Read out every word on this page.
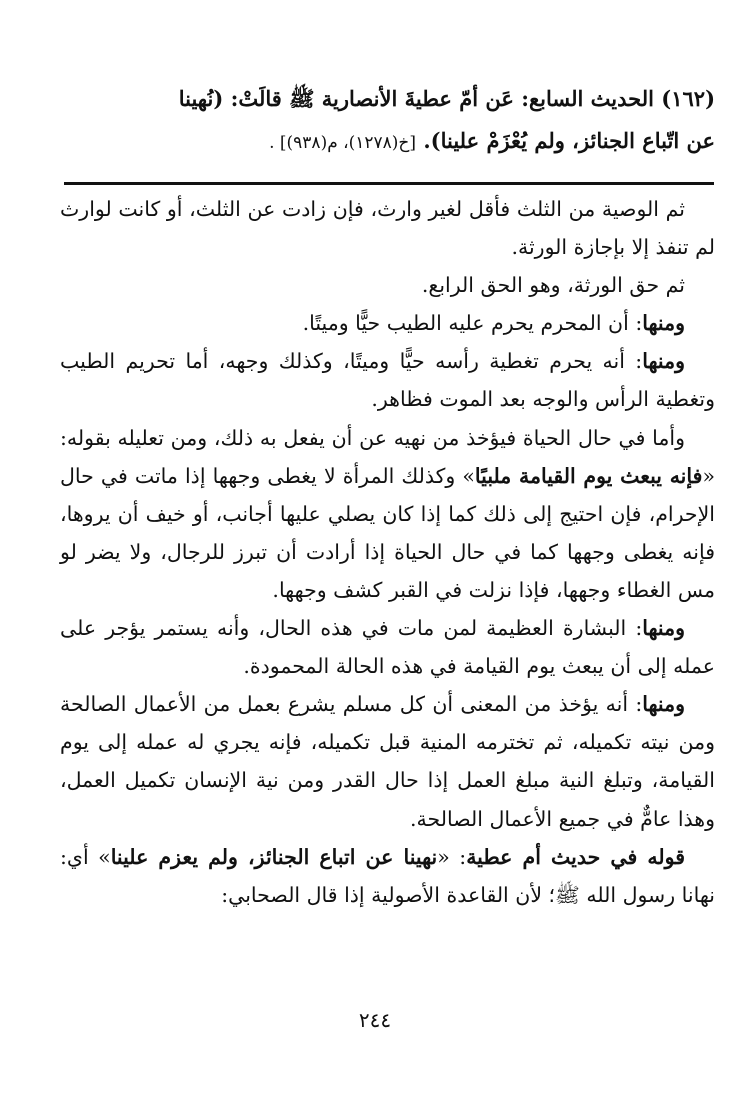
(١٦٢) الحديث السابع: عَن أمّ عطيةَ الأنصارية ﷺ قالَتْ: (نُهينا
عن اتّباع الجنائز، ولم يُعْزَمْ علينا). [خ(١٢٧٨)، م(٩٣٨)] .

ثم الوصية من الثلث فأقل لغير وارث، فإن زادت عن الثلث، أو كانت لوارث لم تنفذ إلا بإجازة الورثة.

ثم حق الورثة، وهو الحق الرابع.

ومنها: أن المحرم يحرم عليه الطيب حيًّا وميتًا.

ومنها: أنه يحرم تغطية رأسه حيًّا وميتًا، وكذلك وجهه، أما تحريم الطيب وتغطية الرأس والوجه بعد الموت فظاهر.

وأما في حال الحياة فيؤخذ من نهيه عن أن يفعل به ذلك، ومن تعليله بقوله: «فإنه يبعث يوم القيامة ملبيًا» وكذلك المرأة لا يغطى وجهها إذا ماتت في حال الإحرام، فإن احتيج إلى ذلك كما إذا كان يصلي عليها أجانب، أو خيف أن يروها، فإنه يغطى وجهها كما في حال الحياة إذا أرادت أن تبرز للرجال، ولا يضر لو مس الغطاء وجهها، فإذا نزلت في القبر كشف وجهها.

ومنها: البشارة العظيمة لمن مات في هذه الحال، وأنه يستمر يؤجر على عمله إلى أن يبعث يوم القيامة في هذه الحالة المحمودة.

ومنها: أنه يؤخذ من المعنى أن كل مسلم يشرع بعمل من الأعمال الصالحة ومن نيته تكميله، ثم تخترمه المنية قبل تكميله، فإنه يجري له عمله إلى يوم القيامة، وتبلغ النية مبلغ العمل إذا حال القدر ومن نية الإنسان تكميل العمل، وهذا عامٌّ في جميع الأعمال الصالحة.

قوله في حديث أم عطية: «نهينا عن اتباع الجنائز، ولم يعزم علينا» أي: نهانا رسول الله ﷺ؛ لأن القاعدة الأصولية إذا قال الصحابي:

٢٤٤
